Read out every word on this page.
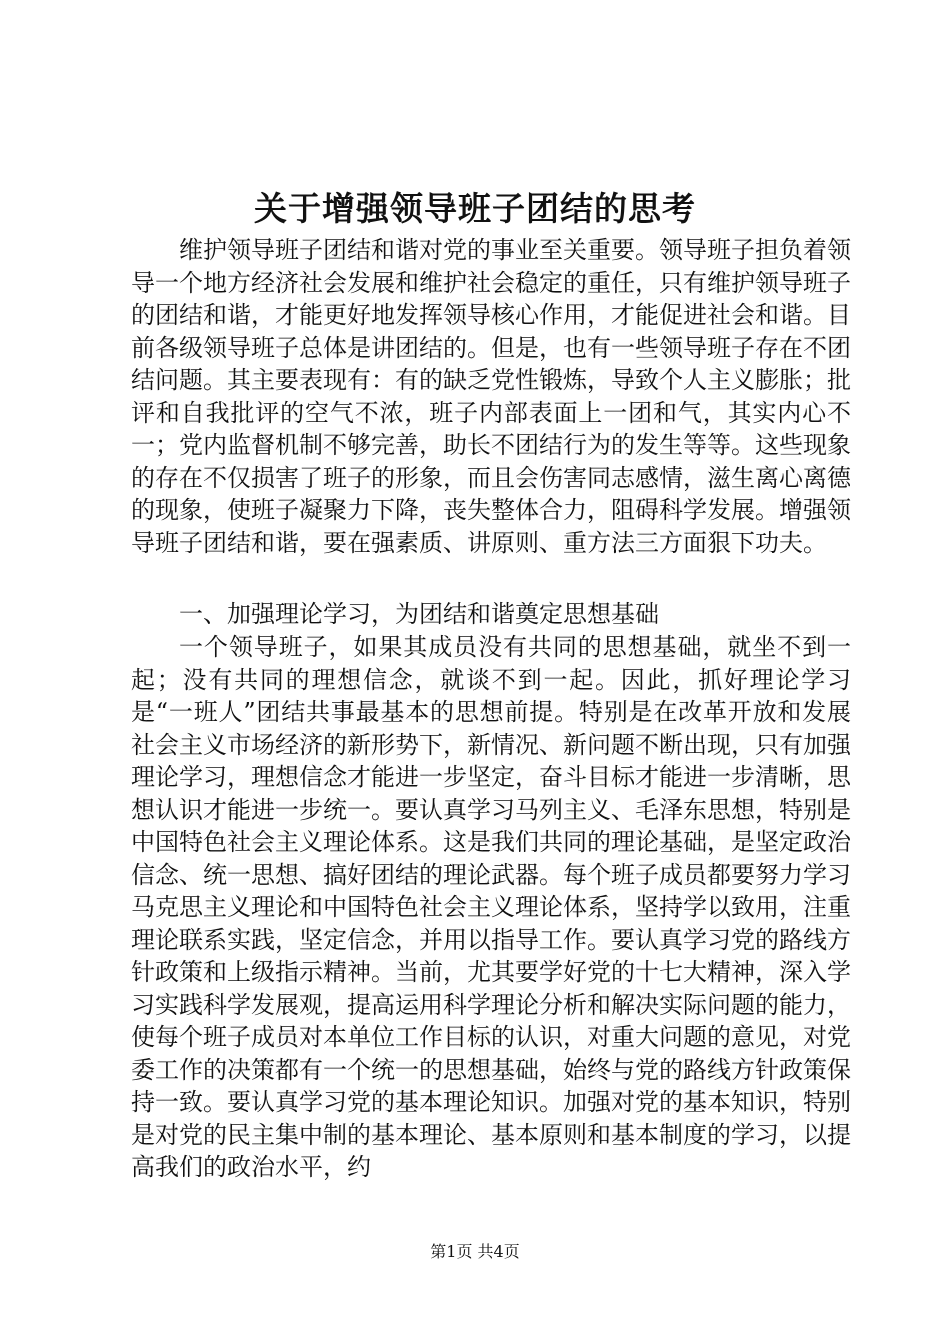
关于增强领导班子团结的思考

维护领导班子团结和谐对党的事业至关重要。领导班子担负着领导一个地方经济社会发展和维护社会稳定的重任，只有维护领导班子的团结和谐，才能更好地发挥领导核心作用，才能促进社会和谐。目前各级领导班子总体是讲团结的。但是，也有一些领导班子存在不团结问题。其主要表现有：有的缺乏党性锻炼，导致个人主义膨胀；批评和自我批评的空气不浓，班子内部表面上一团和气，其实内心不一；党内监督机制不够完善，助长不团结行为的发生等等。这些现象的存在不仅损害了班子的形象，而且会伤害同志感情，滋生离心离德的现象，使班子凝聚力下降，丧失整体合力，阻碍科学发展。增强领导班子团结和谐，要在强素质、讲原则、重方法三方面狠下功夫。

一、加强理论学习，为团结和谐奠定思想基础

一个领导班子，如果其成员没有共同的思想基础，就坐不到一起；没有共同的理想信念，就谈不到一起。因此，抓好理论学习是“一班人”团结共事最基本的思想前提。特别是在改革开放和发展社会主义市场经济的新形势下，新情况、新问题不断出现，只有加强理论学习，理想信念才能进一步坚定，奋斗目标才能进一步清晰，思想认识才能进一步统一。要认真学习马列主义、毛泽东思想，特别是中国特色社会主义理论体系。这是我们共同的理论基础，是坚定政治信念、统一思想、搞好团结的理论武器。每个班子成员都要努力学习马克思主义理论和中国特色社会主义理论体系，坚持学以致用，注重理论联系实践，坚定信念，并用以指导工作。要认真学习党的路线方针政策和上级指示精神。当前，尤其要学好党的十七大精神，深入学习实践科学发展观，提高运用科学理论分析和解决实际问题的能力，使每个班子成员对本单位工作目标的认识，对重大问题的意见，对党委工作的决策都有一个统一的思想基础，始终与党的路线方针政策保持一致。要认真学习党的基本理论知识。加强对党的基本知识，特别是对党的民主集中制的基本理论、基本原则和基本制度的学习，以提高我们的政治水平，约

第1页 共4页
